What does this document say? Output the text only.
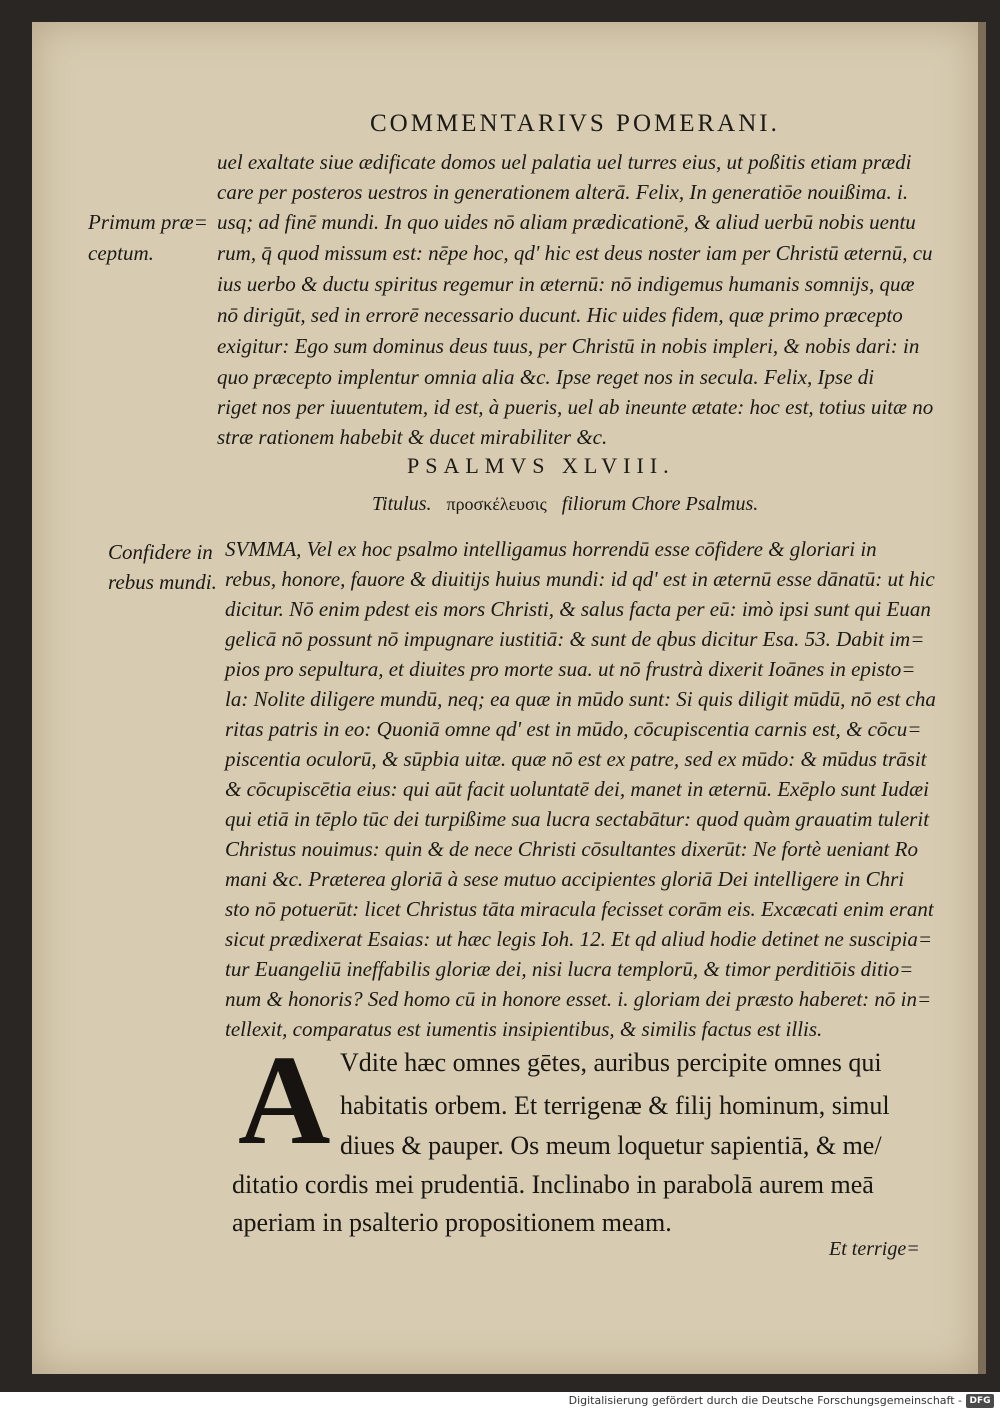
COMMENTARIVS POMERANI.
uel exaltate siue ædificate domos uel palatia uel turres eius, ut poßitis etiam prædi
care per posteros uestros in generationem alterā. Felix, In generatiōe nouißima. i.
usq; ad finē mundi. In quo uides nō aliam prædicationē, & aliud uerbū nobis uentu
rum, q̄ quod missum est: nēpe hoc, qd' hic est deus noster iam per Christū æternū, cu
ius uerbo & ductu spiritus regemur in æternū: nō indigemus humanis somnijs, quæ
nō dirigūt, sed in errorē necessario ducunt. Hic uides fidem, quæ primo præcepto
exigitur: Ego sum dominus deus tuus, per Christū in nobis impleri, & nobis dari: in
quo præcepto implentur omnia alia &c. Ipse reget nos in secula. Felix, Ipse di
riget nos per iuuentutem, id est, à pueris, uel ab ineunte ætate: hoc est, totius uitæ no
stræ rationem habebit & ducet mirabiliter &c.
Primum præ=
ceptum.
PSALMVS XLVIII.
Titulus. προσκέλευσις filiorum Chore Psalmus.
Confidere in
rebus mundi.
SVMMA, Vel ex hoc psalmo intelligamus horrendū esse cōfidere & gloriari in
rebus, honore, fauore & diuitijs huius mundi: id qd' est in æternū esse dānatū: ut hic
dicitur. Nō enim pdest eis mors Christi, & salus facta per eū: imò ipsi sunt qui Euan
gelicā nō possunt nō impugnare iustitiā: & sunt de qbus dicitur Esa. 53. Dabit im=
pios pro sepultura, et diuites pro morte sua. ut nō frustrà dixerit Ioānes in episto=
la: Nolite diligere mundū, neq; ea quæ in mūdo sunt: Si quis diligit mūdū, nō est cha
ritas patris in eo: Quoniā omne qd' est in mūdo, cōcupiscentia carnis est, & cōcu=
piscentia oculorū, & sūpbia uitæ. quæ nō est ex patre, sed ex mūdo: & mūdus trāsit
& cōcupiscētia eius: qui aūt facit uoluntatē dei, manet in æternū. Exēplo sunt Iudæi
qui etiā in tēplo tūc dei turpißime sua lucra sectabātur: quod quàm grauatim tulerit
Christus nouimus: quin & de nece Christi cōsultantes dixerūt: Ne fortè ueniant Ro
mani &c. Præterea gloriā à sese mutuo accipientes gloriā Dei intelligere in Chri
sto nō potuerūt: licet Christus tāta miracula fecisset corām eis. Excæcati enim erant
sicut prædixerat Esaias: ut hæc legis Ioh. 12. Et qd aliud hodie detinet ne suscipia=
tur Euangeliū ineffabilis gloriæ dei, nisi lucra templorū, & timor perditiōis ditio=
num & honoris? Sed homo cū in honore esset. i. gloriam dei præsto haberet: nō in=
tellexit, comparatus est iumentis insipientibus, & similis factus est illis.
A Vdite hæc omnes gētes, auribus percipite omnes qui
habitatis orbem. Et terrigenæ & filij hominum, simul
diues & pauper. Os meum loquetur sapientiā, & me/
ditatio cordis mei prudentiā. Inclinabo in parabolā aurem meā
aperiam in psalterio propositionem meam.
Et terrige=
Digitalisierung gefördert durch die Deutsche Forschungsgemeinschaft - DFG
